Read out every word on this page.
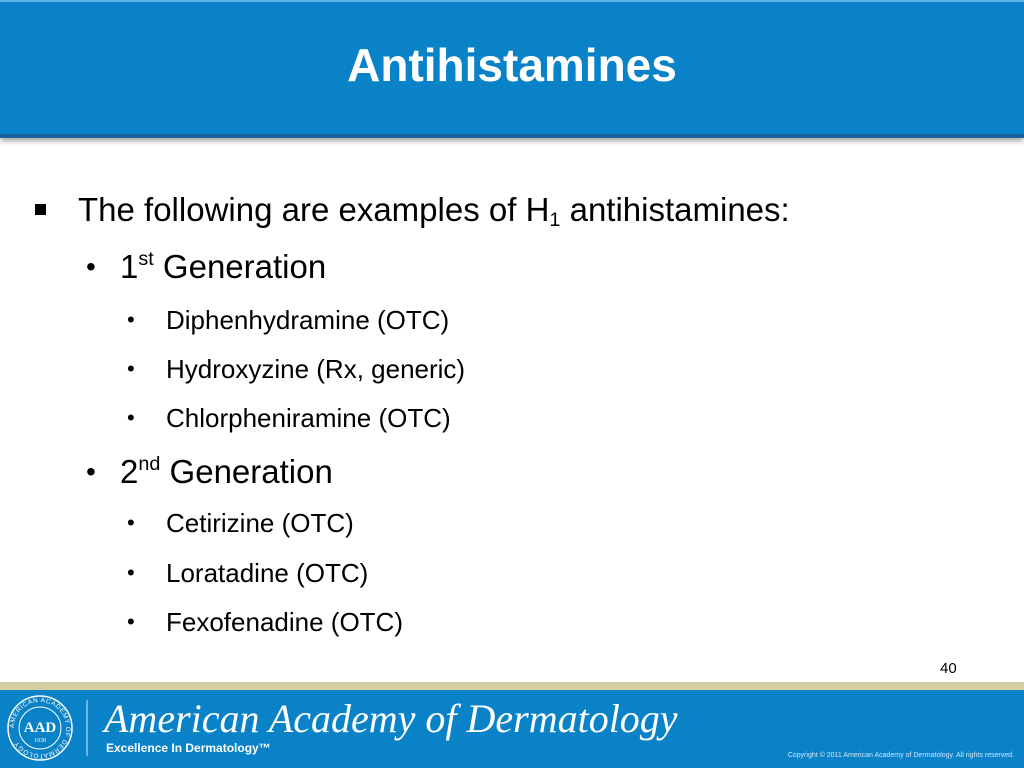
Antihistamines
The following are examples of $H_1$ antihistamines:
• 1st Generation
• Diphenhydramine (OTC)
• Hydroxyzine (Rx, generic)
• Chlorpheniramine (OTC)
• 2nd Generation
• Cetirizine (OTC)
• Loratadine (OTC)
• Fexofenadine (OTC)
40
AMERICAN ACADEMY OF DERMATOLOGY
AAD
1938 American Academy of Dermatology
Excellence In Dermatology™
Copyright © 2011 American Academy of Dermatology. All rights reserved.
